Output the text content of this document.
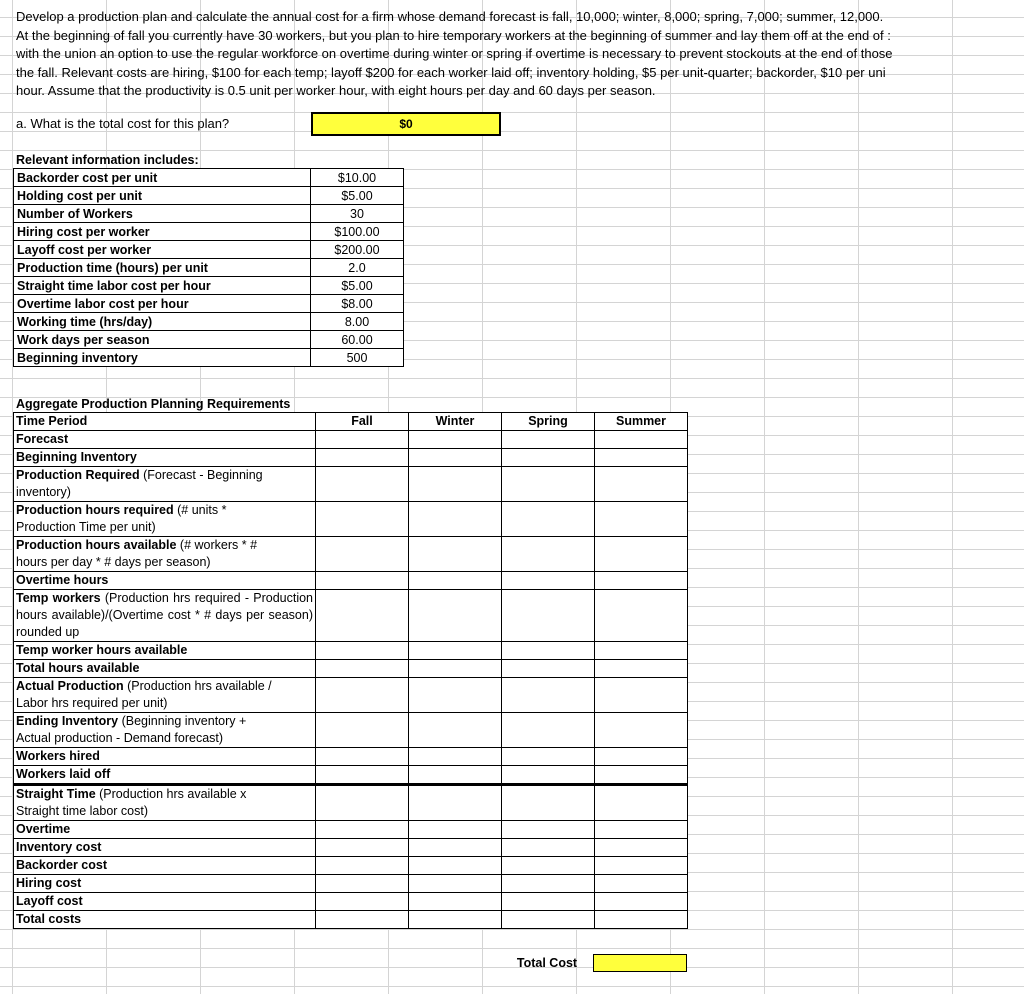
Develop a production plan and calculate the annual cost for a firm whose demand forecast is fall, 10,000; winter, 8,000; spring, 7,000; summer, 12,000.
At the beginning of fall you currently have 30 workers, but you plan to hire temporary workers at the beginning of summer and lay them off at the end of :
with the union an option to use the regular workforce on overtime during winter or spring if overtime is necessary to prevent stockouts at the end of those
the fall. Relevant costs are hiring, $100 for each temp; layoff $200 for each worker laid off; inventory holding, $5 per unit-quarter; backorder, $10 per uni
hour. Assume that the productivity is 0.5 unit per worker hour, with eight hours per day and 60 days per season.
a. What is the total cost for this plan?	$0
Relevant information includes:
Backorder cost per unit	$10.00
Holding cost per unit	$5.00
Number of Workers	30
Hiring cost per worker	$100.00
Layoff cost per worker	$200.00
Production time (hours) per unit	2.0
Straight time labor cost per hour	$5.00
Overtime labor cost per hour	$8.00
Working time (hrs/day)	8.00
Work days per season	60.00
Beginning inventory	500
Aggregate Production Planning Requirements
Time Period	Fall	Winter	Spring	Summer
Forecast				
Beginning Inventory				
Production Required (Forecast - Beginning
inventory)				
Production hours required (# units *
Production Time per unit)				
Production hours available (# workers * #
hours per day * # days per season)				
Overtime hours				
Temp workers (Production hrs required - Production hours available)/(Overtime cost * # days per season) rounded up				
Temp worker hours available				
Total hours available				
Actual Production (Production hrs available /
Labor hrs required per unit)				
Ending Inventory (Beginning inventory +
Actual production - Demand forecast)				
Workers hired				
Workers laid off				
Straight Time (Production hrs available x
Straight time labor cost)				
Overtime				
Inventory cost				
Backorder cost				
Hiring cost				
Layoff cost				
Total costs				
Total Cost
